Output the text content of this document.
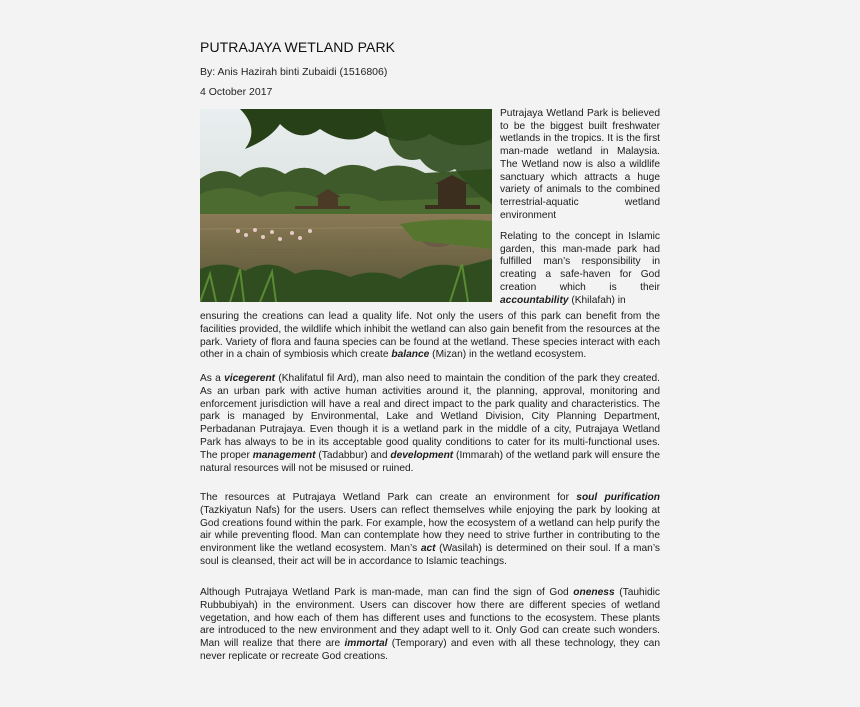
PUTRAJAYA WETLAND PARK
By: Anis Hazirah binti Zubaidi (1516806)
4 October 2017

Putrajaya Wetland Park is believed to be the biggest built freshwater wetlands in the tropics. It is the first man-made wetland in Malaysia. The Wetland now is also a wildlife sanctuary which attracts a huge variety of animals to the combined terrestrial-aquatic wetland environment

Relating to the concept in Islamic garden, this man-made park had fulfilled man’s responsibility in creating a safe-haven for God creation which is their accountability (Khilafah) in

ensuring the creations can lead a quality life. Not only the users of this park can benefit from the facilities provided, the wildlife which inhibit the wetland can also gain benefit from the resources at the park. Variety of flora and fauna species can be found at the wetland. These species interact with each other in a chain of symbiosis which create balance (Mizan) in the wetland ecosystem.

As a vicegerent (Khalifatul fil Ard), man also need to maintain the condition of the park they created. As an urban park with active human activities around it, the planning, approval, monitoring and enforcement jurisdiction will have a real and direct impact to the park quality and characteristics. The park is managed by Environmental, Lake and Wetland Division, City Planning Department, Perbadanan Putrajaya. Even though it is a wetland park in the middle of a city, Putrajaya Wetland Park has always to be in its acceptable good quality conditions to cater for its multi-functional uses. The proper management (Tadabbur) and development (Immarah) of the wetland park will ensure the natural resources will not be misused or ruined.

The resources at Putrajaya Wetland Park can create an environment for soul purification (Tazkiyatun Nafs) for the users. Users can reflect themselves while enjoying the park by looking at God creations found within the park. For example, how the ecosystem of a wetland can help purify the air while preventing flood. Man can contemplate how they need to strive further in contributing to the environment like the wetland ecosystem. Man’s act (Wasilah) is determined on their soul. If a man’s soul is cleansed, their act will be in accordance to Islamic teachings.

Although Putrajaya Wetland Park is man-made, man can find the sign of God oneness (Tauhidic Rubbubiyah) in the environment. Users can discover how there are different species of wetland vegetation, and how each of them has different uses and functions to the ecosystem. These plants are introduced to the new environment and they adapt well to it. Only God can create such wonders. Man will realize that there are immortal (Temporary) and even with all these technology, they can never replicate or recreate God creations.
